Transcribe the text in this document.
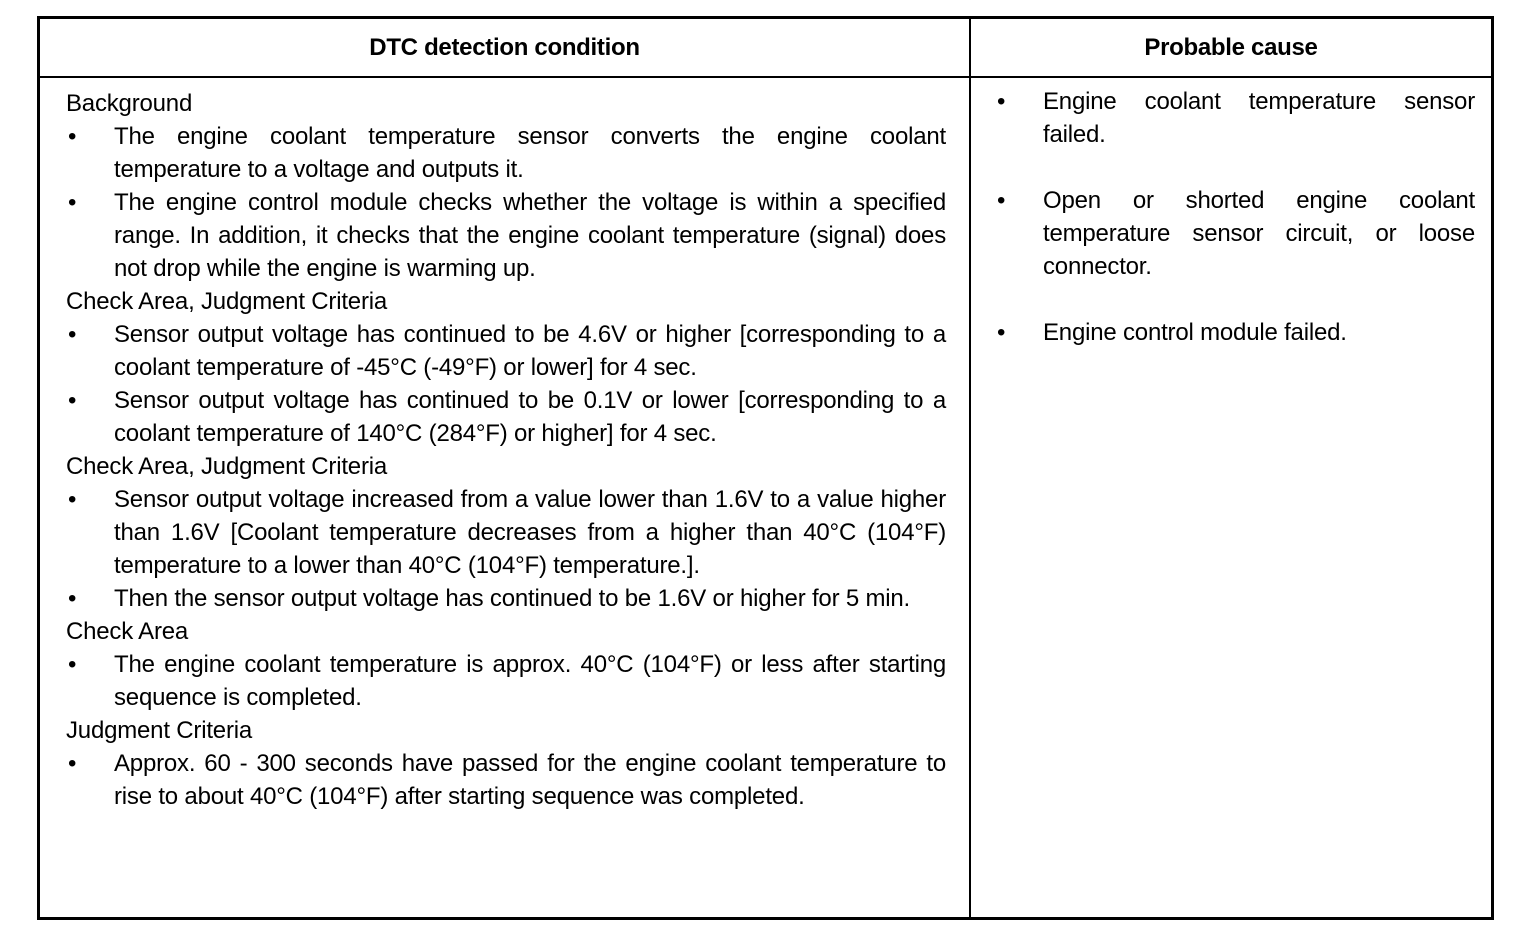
DTC detection condition	Probable cause

Background

• The engine coolant temperature sensor converts the engine coolant temperature to a voltage and outputs it.
• The engine control module checks whether the voltage is within a specified range. In addition, it checks that the engine coolant temperature (signal) does not drop while the engine is warming up.

Check Area, Judgment Criteria

• Sensor output voltage has continued to be 4.6V or higher [corresponding to a coolant temperature of -45°C (-49°F) or lower] for 4 sec.
• Sensor output voltage has continued to be 0.1V or lower [corresponding to a coolant temperature of 140°C (284°F) or higher] for 4 sec.

Check Area, Judgment Criteria

• Sensor output voltage increased from a value lower than 1.6V to a value higher than 1.6V [Coolant temperature decreases from a higher than 40°C (104°F) temperature to a lower than 40°C (104°F) temperature.].
• Then the sensor output voltage has continued to be 1.6V or higher for 5 min.

Check Area

• The engine coolant temperature is approx. 40°C (104°F) or less after starting sequence is completed.

Judgment Criteria

• Approx. 60 - 300 seconds have passed for the engine coolant temperature to rise to about 40°C (104°F) after starting sequence was completed.
• Engine coolant temperature sensor failed.
• Open or shorted engine coolant temperature sensor circuit, or loose connector.
• Engine control module failed.
